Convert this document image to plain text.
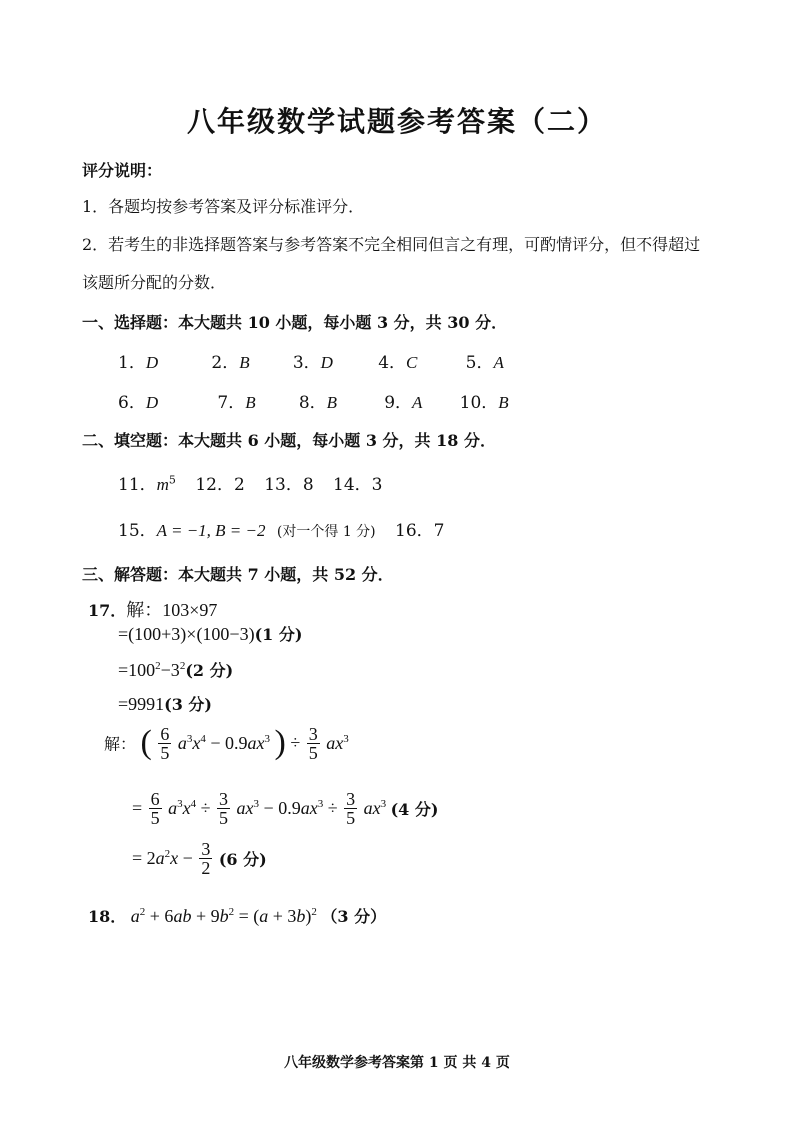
八年级数学试题参考答案（二）
评分说明：
1．各题均按参考答案及评分标准评分．
2．若考生的非选择题答案与参考答案不完全相同但言之有理，可酌情评分，但不得超过
该题所分配的分数．
一、选择题：本大题共 10 小题，每小题 3 分，共 30 分．
1．D	2．B	3．D	4．C	5．A
6．D	7．B	8．B	9．A 10．B
二、填空题：本大题共 6 小题，每小题 3 分，共 18 分．
11．$m^5$ 12．2 13．8 14．3
15．A = −1, B = −2 (对一个得 1 分) 16．7
三、解答题：本大题共 7 小题，共 52 分．
17．解：103×97
=(100+3)×(100−3)(1 分)
$=100^2-3^2(2$ 分)
=9991(3 分)
解： ( $\frac{6}{5} a^3x^4 - 0.9ax^3$ ) ÷ $\frac{3}{5} ax^3$
= $\frac{6}{5} a^3x^4 \div \frac{3}{5} ax^3 - 0.9ax^3 \div \frac{3}{5} ax^3$ (4 分)
= $2a^2x - \frac{3}{2} (6$ 分)
18． $a^2 + 6ab + 9b^2 = (a + 3b)^2$ （3 分）
八年级数学参考答案第 1 页 共 4 页
